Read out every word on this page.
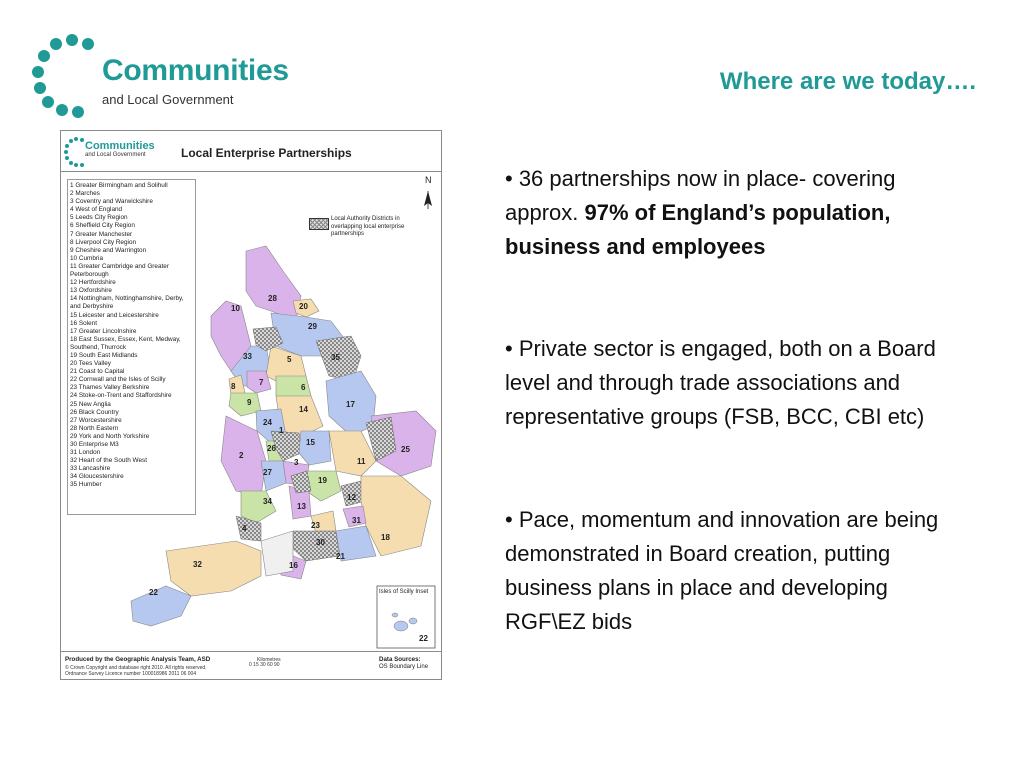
Communities
and Local Government
Where are we today….
Communities
and Local Government	Local Enterprise Partnerships
1
2
3
4
5
6
7
8
9
10
11
12
13
14
15
16
17
18
19
20
21
22
23
24
25
26
27
28
29
30
31
32
33
34
35
22
N
Local Authority Districts in overlapping local enterprise partnerships
1 Greater Birmingham and Solihull
2 Marches
3 Coventry and Warwickshire
4 West of England
5 Leeds City Region
6 Sheffield City Region
7 Greater Manchester
8 Liverpool City Region
9 Cheshire and Warrington
10 Cumbria
11 Greater Cambridge and Greater Peterborough
12 Hertfordshire
13 Oxfordshire
14 Nottingham, Nottinghamshire, Derby, and Derbyshire
15 Leicester and Leicestershire
16 Solent
17 Greater Lincolnshire
18 East Sussex, Essex, Kent, Medway, Southend, Thurrock
19 South East Midlands
20 Tees Valley
21 Coast to Capital
22 Cornwall and the Isles of Scilly
23 Thames Valley Berkshire
24 Stoke-on-Trent and Staffordshire
25 New Anglia
26 Black Country
27 Worcestershire
28 North Eastern
29 York and North Yorkshire
30 Enterprise M3
31 London
32 Heart of the South West
33 Lancashire
34 Gloucestershire
35 Humber
Isles of Scilly Inset
Produced by the Geographic Analysis Team, ASD
© Crown Copyright and database right 2010. All rights reserved.
Ordnance Survey Licence number 100018986 2011 06 004
Kilometres
0 15 30 60 90
Data Sources:
OS Boundary Line
• 36 partnerships now in place- covering approx. 97% of England’s population, business and employees
• Private sector is engaged, both on a Board level and through trade associations and representative groups (FSB, BCC, CBI etc)
• Pace, momentum and innovation are being demonstrated in Board creation, putting business plans in place and developing RGF\EZ bids
